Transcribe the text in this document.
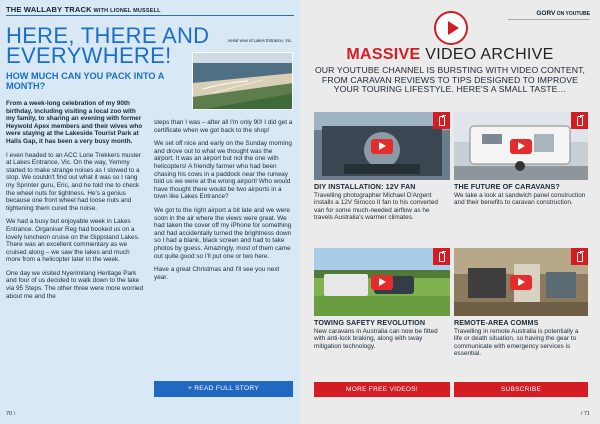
THE WALLABY TRACK WITH LIONEL MUSSELL
HERE, THERE AND EVERYWHERE!
Aerial view of Lakes Entrance, Vic.
HOW MUCH CAN YOU PACK INTO A MONTH?

From a week-long celebration of my 90th birthday, including visiting a local zoo with my family, to sharing an evening with former Heywold Apex members and their wives who were staying at the Lakeside Tourist Park at Halls Gap, it has been a very busy month.

I even headed to an ACC Lone Trekkers muster at Lakes Entrance, Vic. On the way, Yemmy started to make strange noises as I slowed to a stop. We couldn't find out what it was so I rang my Sprinter guru, Eric, and he told me to check the wheel nuts for tightness. He's a genius because one front wheel had loose nuts and tightening them cured the noise.

We had a busy but enjoyable week in Lakes Entrance. Organiser Reg had booked us on a lovely luncheon cruise on the Gippsland Lakes. There was an excellent commentary as we cruised along – we saw the lakes and much more from a helicopter later in the week.

One day we visited Nyerimilang Heritage Park and four of us decided to walk down to the lake via 95 Steps. The other three were more worried about me and the

steps than I was – after all I'm only 90! I did get a certificate when we got back to the shop!

We set off nice and early on the Sunday morning and drove out to what we thought was the airport. It was an airport but not the one with helicopters! A friendly farmer who had been chasing his cows in a paddock near the runway told us we were at the wrong airport! Who would have thought there would be two airports in a town like Lakes Entrance?

We got to the right airport a bit late and we were soon in the air where the views were great. We had taken the cover off my iPhone for something and had accidentally turned the brightness down so I had a blank, black screen and had to take photos by guess. Amazingly, most of them came out quite good so I'll put one or two here.

Have a great Christmas and I'll see you next year.

+ READ FULL STORY
70 \
GORV ON YOUTUBE
MASSIVE VIDEO ARCHIVE
OUR YOUTUBE CHANNEL IS BURSTING WITH VIDEO CONTENT, FROM CARAVAN REVIEWS TO TIPS DESIGNED TO IMPROVE YOUR TOURING LIFESTYLE. HERE'S A SMALL TASTE…
DIY INSTALLATION: 12V FAN
Travelling photographer Michael D'Argent installs a 12V Sirocco II fan to his converted van for some much-needed airflow as he travels Australia's warmer climates.
THE FUTURE OF CARAVANS?
We take a look at sandwich panel construction and their benefits to caravan construction.
TOWING SAFETY REVOLUTION
New caravans in Australia can now be fitted with anti-lock braking, along with sway mitigation technology.
REMOTE-AREA COMMS
Travelling in remote Australia is potentially a life or death situation, so having the gear to communicate with emergency services is essential.
MORE FREE VIDEOS!	SUBSCRIBE
/ 71
